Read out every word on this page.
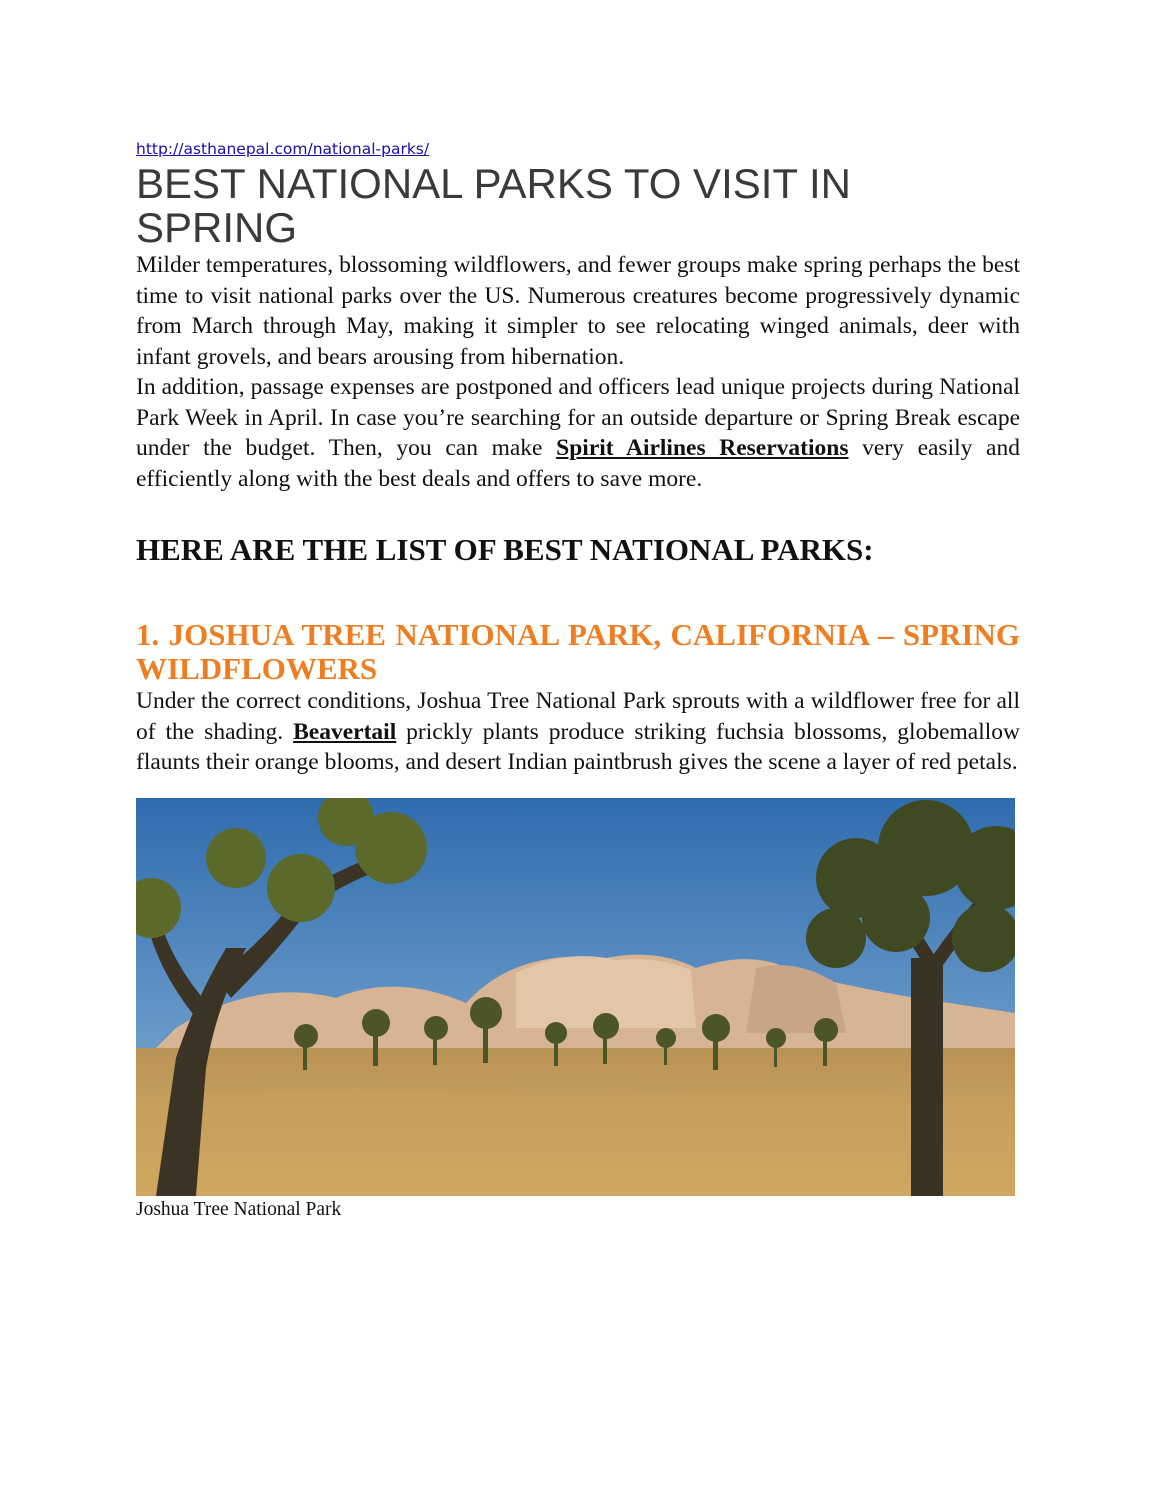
http://asthanepal.com/national-parks/
BEST NATIONAL PARKS TO VISIT IN SPRING

Milder temperatures, blossoming wildflowers, and fewer groups make spring perhaps the best time to visit national parks over the US. Numerous creatures become progressively dynamic from March through May, making it simpler to see relocating winged animals, deer with infant grovels, and bears arousing from hibernation.

In addition, passage expenses are postponed and officers lead unique projects during National Park Week in April. In case you’re searching for an outside departure or Spring Break escape under the budget. Then, you can make Spirit Airlines Reservations very easily and efficiently along with the best deals and offers to save more.

HERE ARE THE LIST OF BEST NATIONAL PARKS:
1. JOSHUA TREE NATIONAL PARK, CALIFORNIA – SPRING WILDFLOWERS

Under the correct conditions, Joshua Tree National Park sprouts with a wildflower free for all of the shading. Beavertail prickly plants produce striking fuchsia blossoms, globemallow flaunts their orange blooms, and desert Indian paintbrush gives the scene a layer of red petals.

Joshua Tree National Park
